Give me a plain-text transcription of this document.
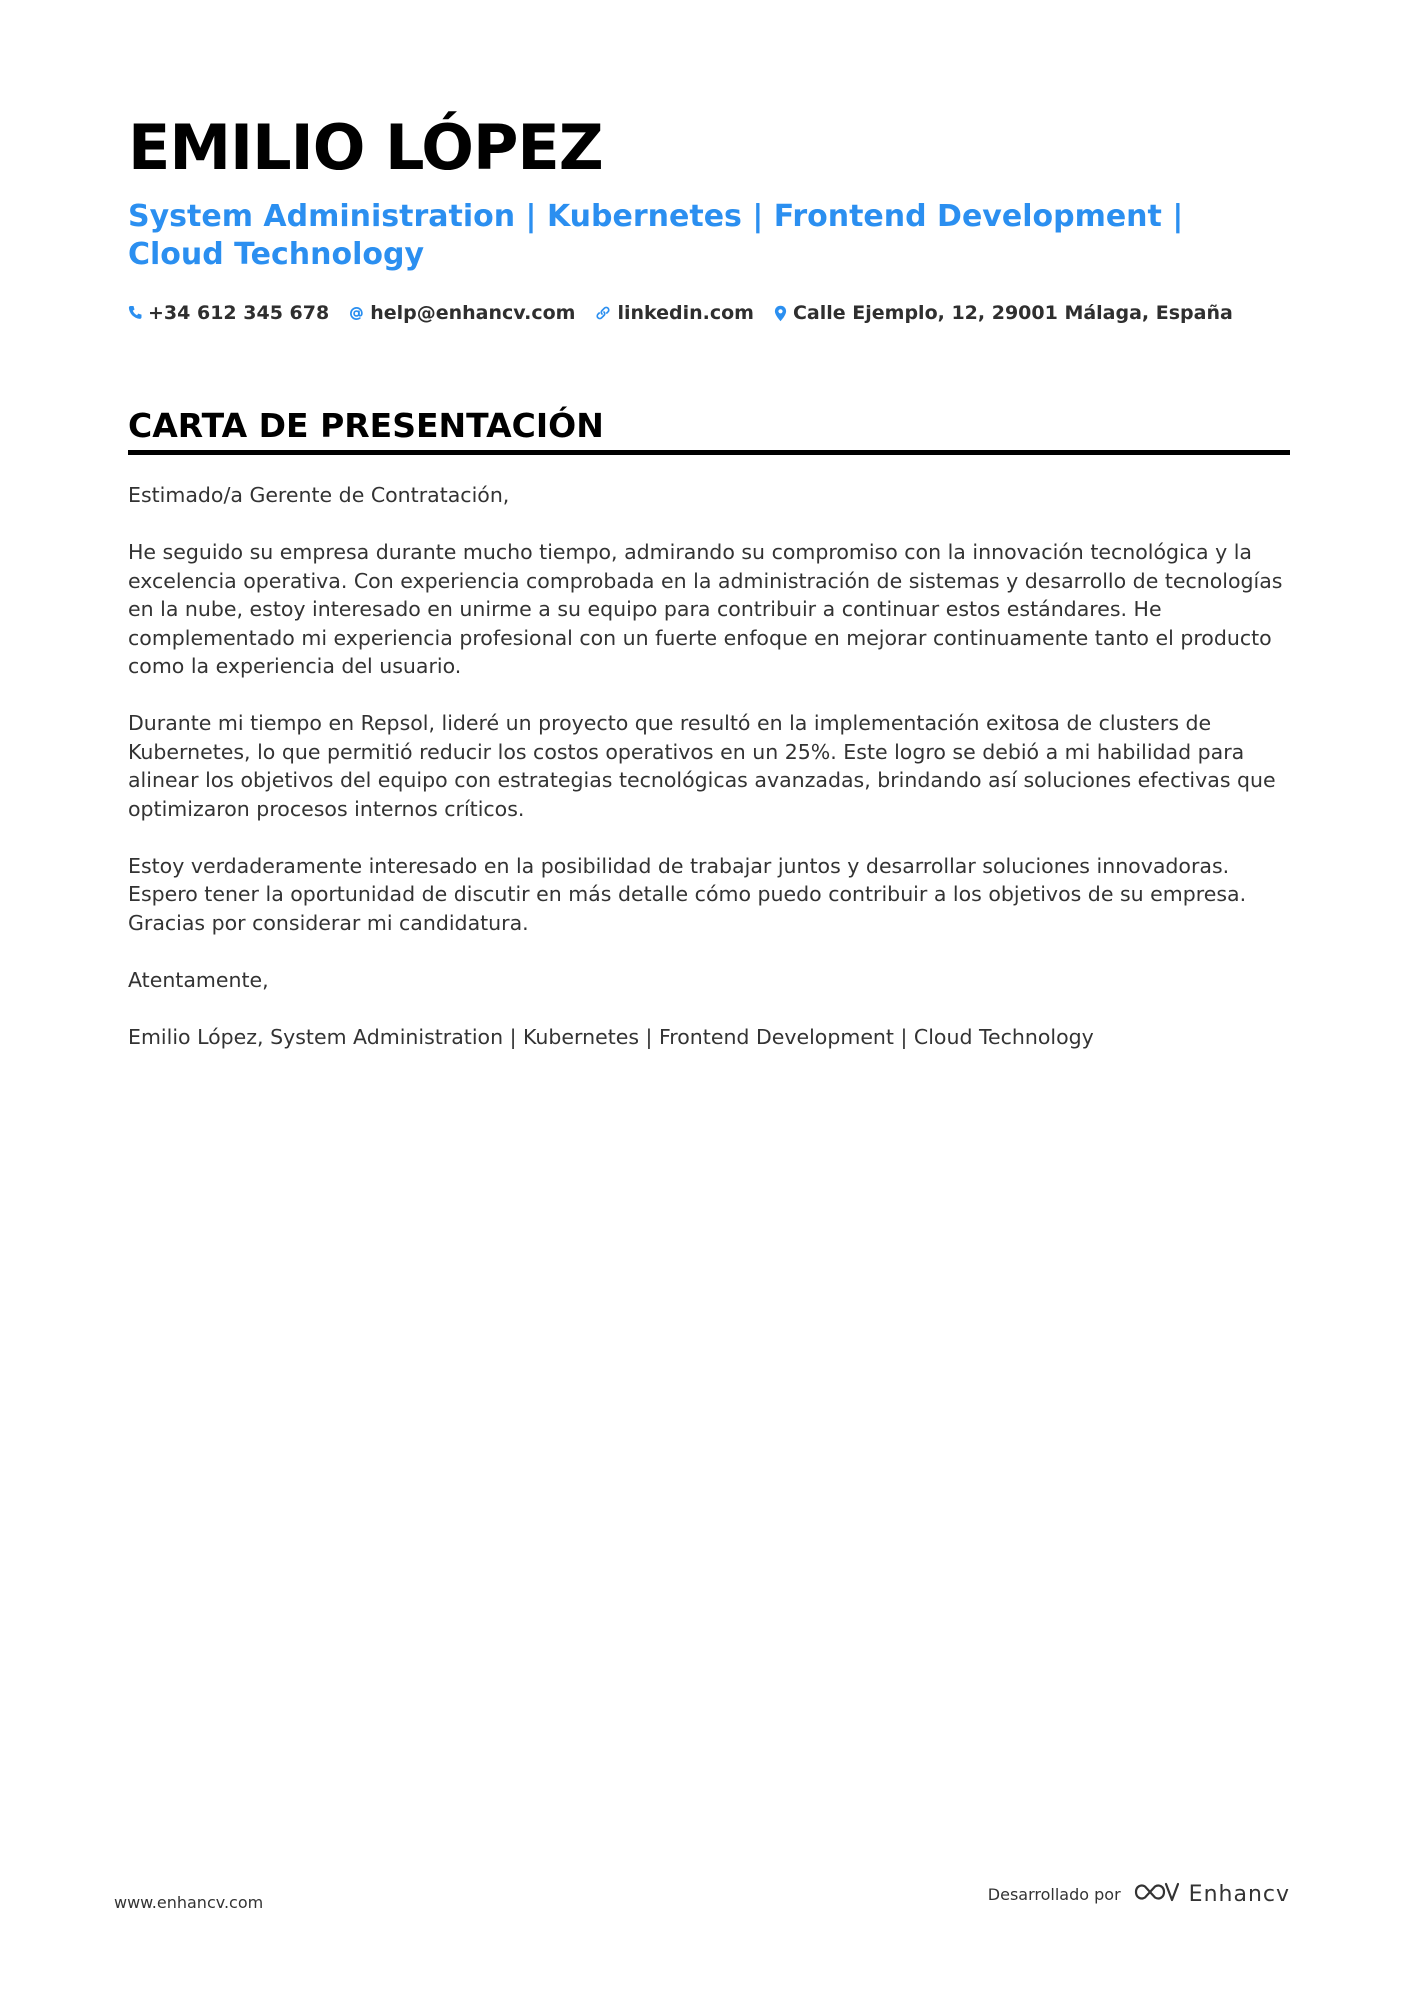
EMILIO LÓPEZ
System Administration | Kubernetes | Frontend Development | Cloud Technology
+34 612 345 678 help@enhancv.com linkedin.com Calle Ejemplo, 12, 29001 Málaga, España
CARTA DE PRESENTACIÓN

Estimado/a Gerente de Contratación,

He seguido su empresa durante mucho tiempo, admirando su compromiso con la innovación tecnológica y la excelencia operativa. Con experiencia comprobada en la administración de sistemas y desarrollo de tecnologías en la nube, estoy interesado en unirme a su equipo para contribuir a continuar estos estándares. He complementado mi experiencia profesional con un fuerte enfoque en mejorar continuamente tanto el producto como la experiencia del usuario.

Durante mi tiempo en Repsol, lideré un proyecto que resultó en la implementación exitosa de clusters de Kubernetes, lo que permitió reducir los costos operativos en un 25%. Este logro se debió a mi habilidad para alinear los objetivos del equipo con estrategias tecnológicas avanzadas, brindando así soluciones efectivas que optimizaron procesos internos críticos.

Estoy verdaderamente interesado en la posibilidad de trabajar juntos y desarrollar soluciones innovadoras. Espero tener la oportunidad de discutir en más detalle cómo puedo contribuir a los objetivos de su empresa. Gracias por considerar mi candidatura.

Atentamente,

Emilio López, System Administration | Kubernetes | Frontend Development | Cloud Technology

www.enhancv.com	Desarrollado por	Enhancv
